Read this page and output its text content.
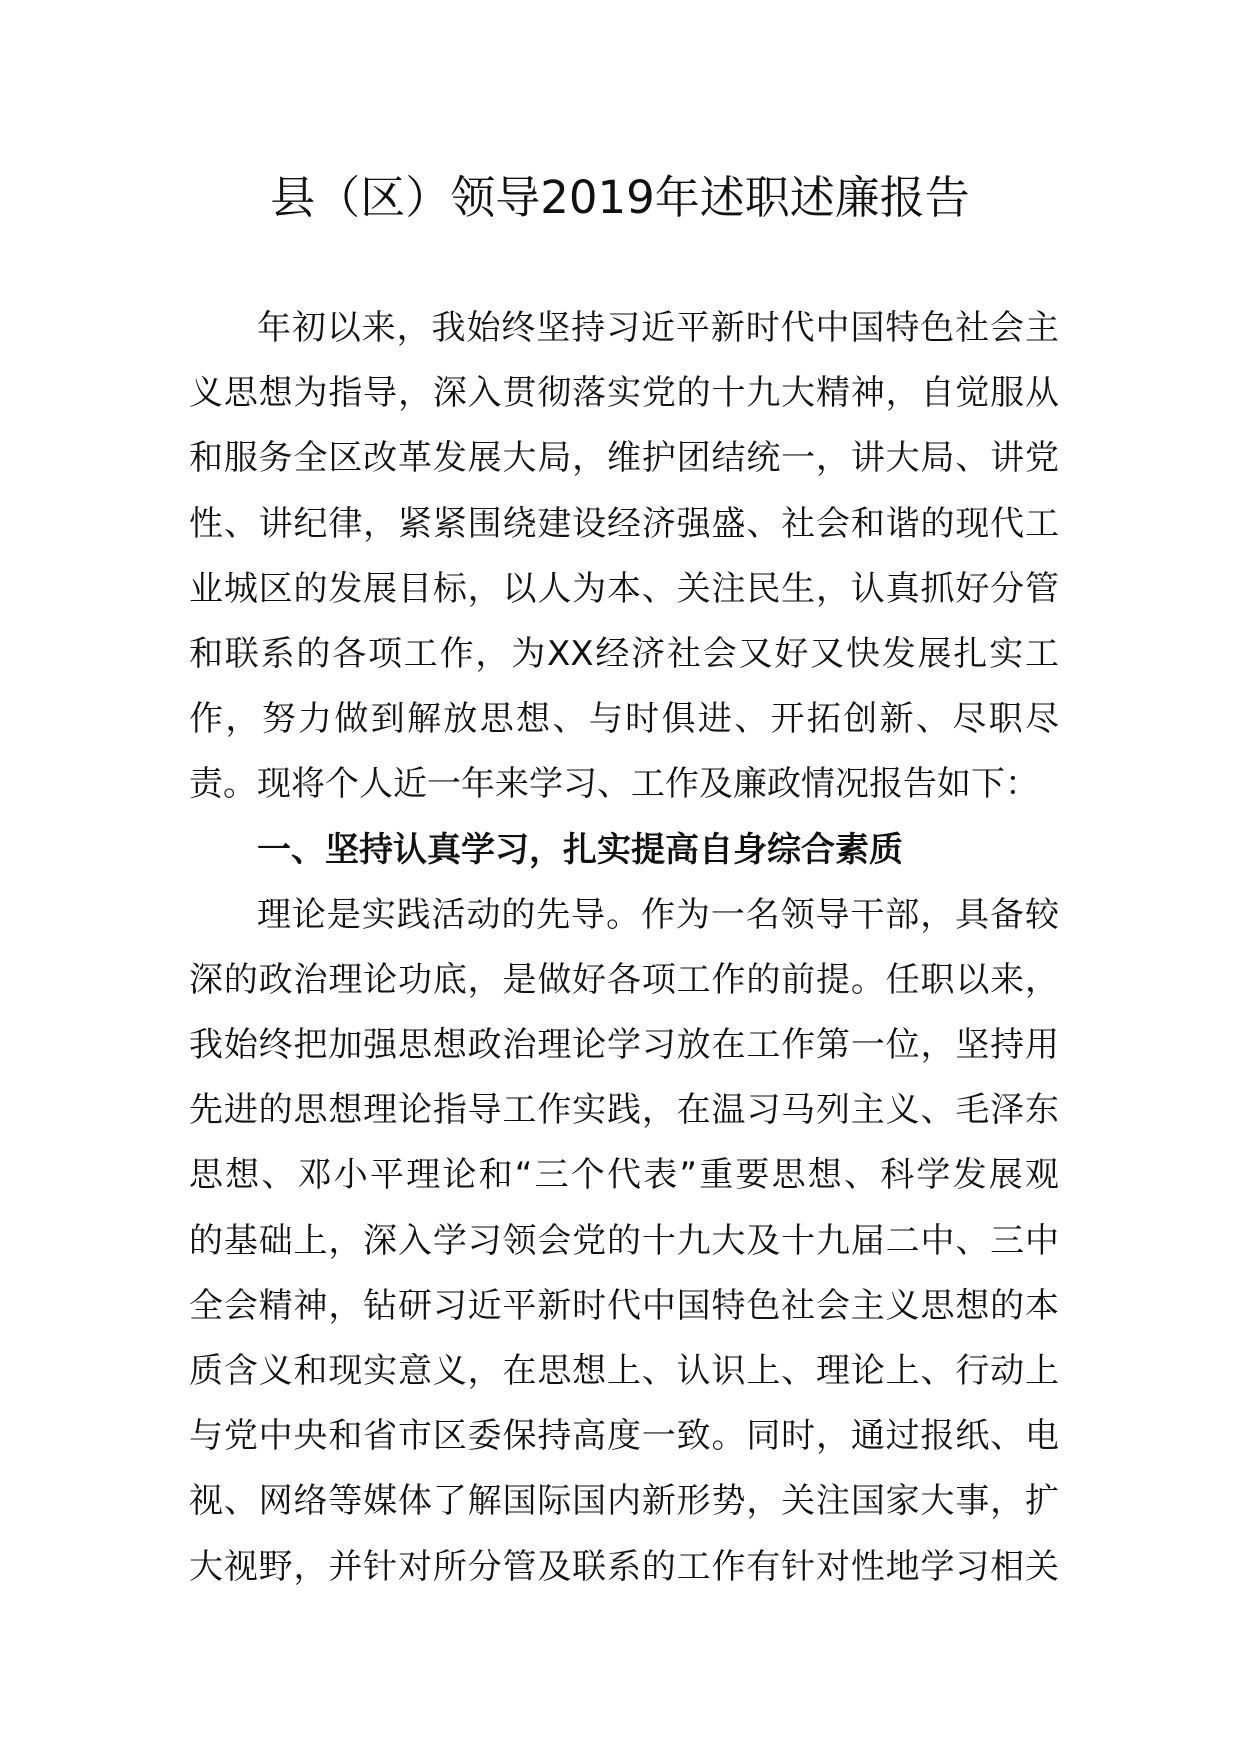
县（区）领导2019年述职述廉报告
年初以来，我始终坚持习近平新时代中国特色社会主
义思想为指导，深入贯彻落实党的十九大精神，自觉服从
和服务全区改革发展大局，维护团结统一，讲大局、讲党
性、讲纪律，紧紧围绕建设经济强盛、社会和谐的现代工
业城区的发展目标，以人为本、关注民生，认真抓好分管
和联系的各项工作，为XX经济社会又好又快发展扎实工
作，努力做到解放思想、与时俱进、开拓创新、尽职尽
责。现将个人近一年来学习、工作及廉政情况报告如下：
一、坚持认真学习，扎实提高自身综合素质
理论是实践活动的先导。作为一名领导干部，具备较
深的政治理论功底，是做好各项工作的前提。任职以来，
我始终把加强思想政治理论学习放在工作第一位，坚持用
先进的思想理论指导工作实践，在温习马列主义、毛泽东
思想、邓小平理论和“三个代表”重要思想、科学发展观
的基础上，深入学习领会党的十九大及十九届二中、三中
全会精神，钻研习近平新时代中国特色社会主义思想的本
质含义和现实意义，在思想上、认识上、理论上、行动上
与党中央和省市区委保持高度一致。同时，通过报纸、电
视、网络等媒体了解国际国内新形势，关注国家大事，扩
大视野，并针对所分管及联系的工作有针对性地学习相关
